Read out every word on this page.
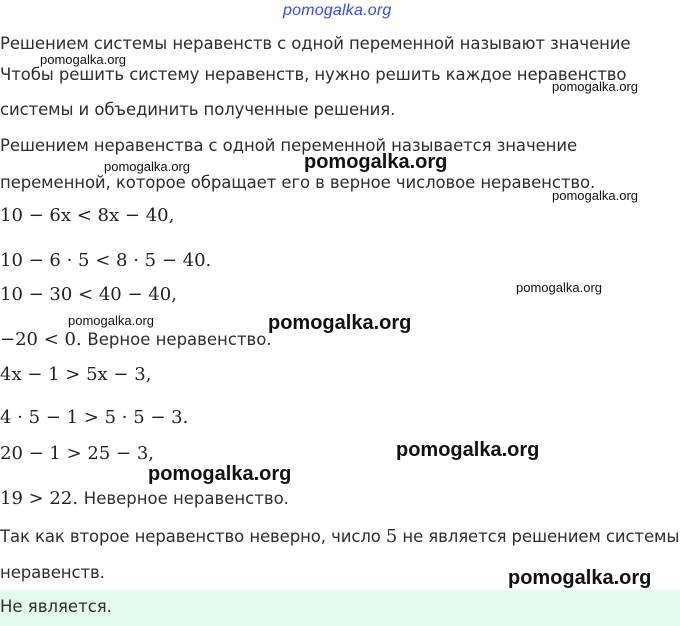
pomogalka.org
Решением системы неравенств с одной переменной называют значение
pomogalka.org
Чтобы решить систему неравенств, нужно решить каждое неравенство
pomogalka.org
системы и объединить полученные решения.
Решением неравенства с одной переменной называется значение
pomogalka.org	pomogalka.org
переменной, которое обращает его в верное числовое неравенство.
pomogalka.org
10 − 6x < 8x − 40,
10 − 6 · 5 < 8 · 5 − 40.
10 − 30 < 40 − 40,	pomogalka.org
pomogalka.org	pomogalka.org
−20 < 0. Верное неравенство.
4x − 1 > 5x − 3,
4 · 5 − 1 > 5 · 5 − 3.
20 − 1 > 25 − 3,	pomogalka.org
pomogalka.org
19 > 22. Неверное неравенство.
Так как второе неравенство неверно, число 5 не является решением системы
неравенств.	pomogalka.org
Не является.
